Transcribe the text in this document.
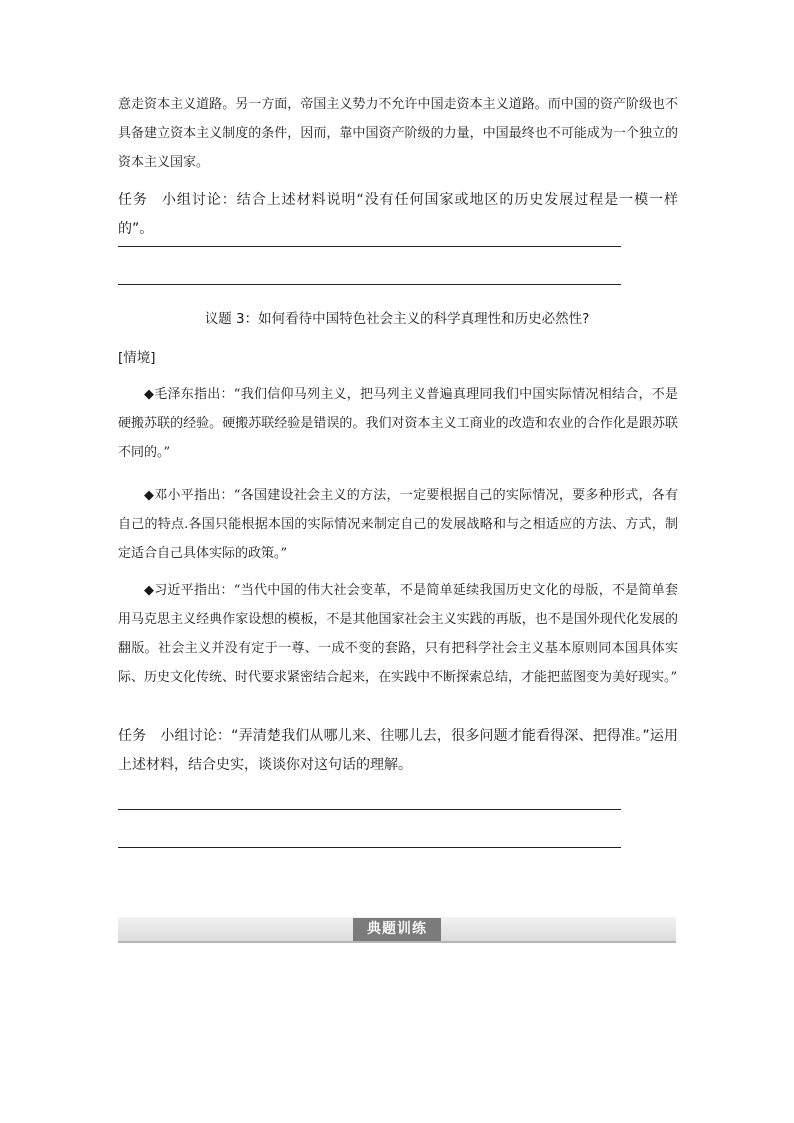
意走资本主义道路。另一方面，帝国主义势力不允许中国走资本主义道路。而中国的资产阶级也不具备建立资本主义制度的条件，因而，靠中国资产阶级的力量，中国最终也不可能成为一个独立的资本主义国家。

任务 小组讨论：结合上述材料说明“没有任何国家或地区的历史发展过程是一模一样的”。

议题 3：如何看待中国特色社会主义的科学真理性和历史必然性?

[情境]

◆毛泽东指出：“我们信仰马列主义，把马列主义普遍真理同我们中国实际情况相结合，不是硬搬苏联的经验。硬搬苏联经验是错误的。我们对资本主义工商业的改造和农业的合作化是跟苏联不同的。”

◆邓小平指出：“各国建设社会主义的方法，一定要根据自己的实际情况，要多种形式，各有自己的特点.各国只能根据本国的实际情况来制定自己的发展战略和与之相适应的方法、方式，制定适合自己具体实际的政策。”

◆习近平指出：“当代中国的伟大社会变革，不是简单延续我国历史文化的母版，不是简单套用马克思主义经典作家设想的模板，不是其他国家社会主义实践的再版，也不是国外现代化发展的翻版。社会主义并没有定于一尊、一成不变的套路，只有把科学社会主义基本原则同本国具体实际、历史文化传统、时代要求紧密结合起来，在实践中不断探索总结，才能把蓝图变为美好现实。”

任务 小组讨论：“弄清楚我们从哪儿来、往哪儿去，很多问题才能看得深、把得准。”运用上述材料，结合史实，谈谈你对这句话的理解。

典题训练
